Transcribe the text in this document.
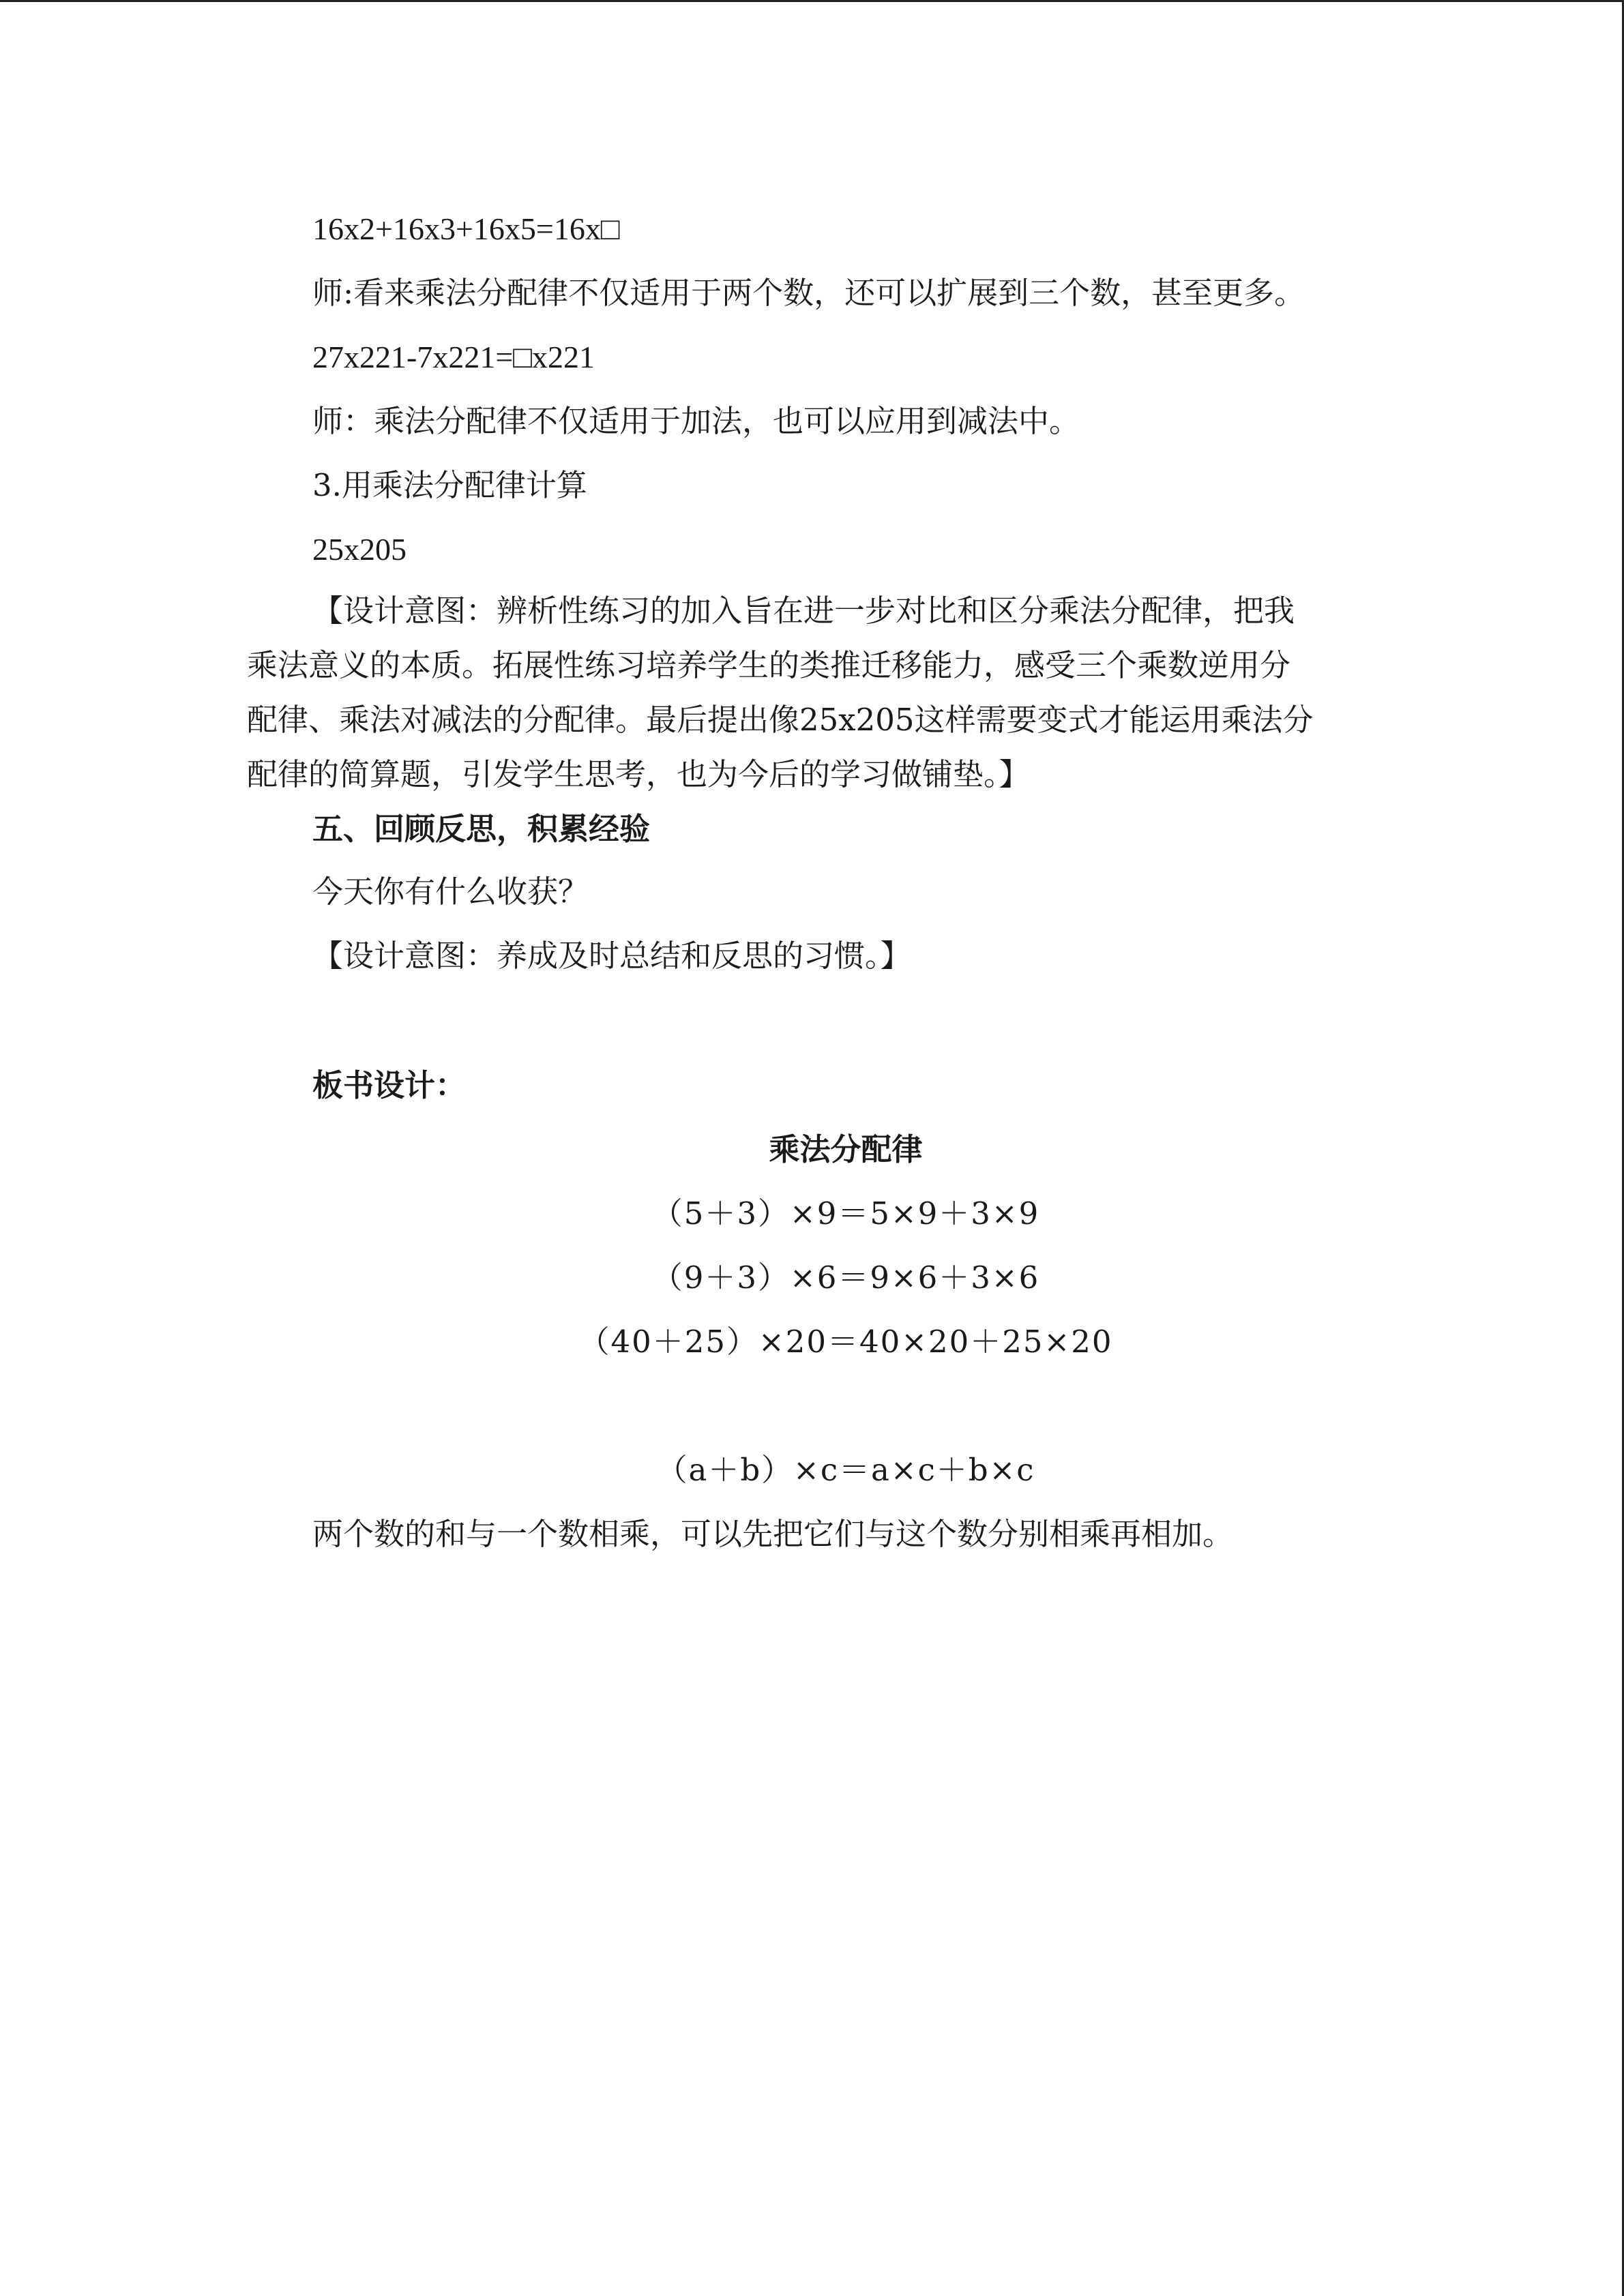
16x2+16x3+16x5=16x□
师:看来乘法分配律不仅适用于两个数，还可以扩展到三个数，甚至更多。
27x221-7x221=□x221
师：乘法分配律不仅适用于加法，也可以应用到减法中。
3.用乘法分配律计算
25x205
【设计意图：辨析性练习的加入旨在进一步对比和区分乘法分配律，把我
乘法意义的本质。拓展性练习培养学生的类推迁移能力，感受三个乘数逆用分
配律、乘法对减法的分配律。最后提出像25x205这样需要变式才能运用乘法分
配律的简算题，引发学生思考，也为今后的学习做铺垫。】
五、回顾反思，积累经验
今天你有什么收获？
【设计意图：养成及时总结和反思的习惯。】
板书设计：
乘法分配律
（5＋3）×9＝5×9＋3×9
（9＋3）×6＝9×6＋3×6
（40＋25）×20＝40×20＋25×20
（a＋b）×c＝a×c＋b×c
两个数的和与一个数相乘，可以先把它们与这个数分别相乘再相加。
